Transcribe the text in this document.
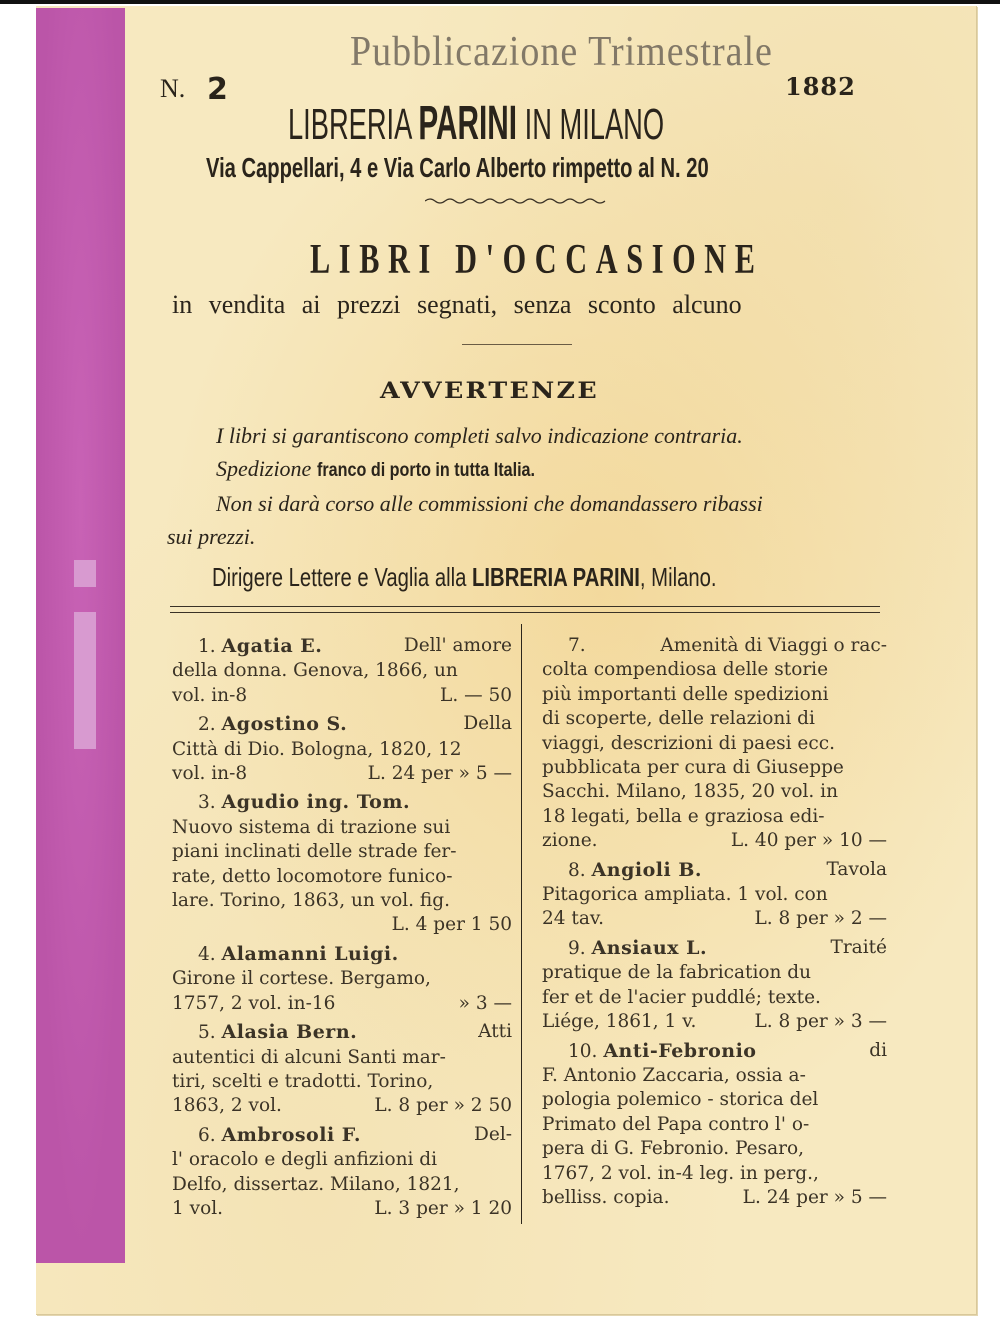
Pubblicazione Trimestrale
N. 2	1882
LIBRERIA PARINI IN MILANO
Via Cappellari, 4 e Via Carlo Alberto rimpetto al N. 20
LIBRI D'OCCASIONE
in vendita ai prezzi segnati, senza sconto alcuno
AVVERTENZE
I libri si garantiscono completi salvo indicazione contraria.
Spedizione franco di porto in tutta Italia.
Non si darà corso alle commissioni che domandassero ribassi
sui prezzi.
Dirigere Lettere e Vaglia alla LIBRERIA PARINI, Milano.
1. Agatia E.	Dell' amore
della donna. Genova, 1866, un
vol. in-8	L. — 50
2. Agostino S.	Della
Città di Dio. Bologna, 1820, 12
vol. in-8	L. 24 per » 5 —
3. Agudio ing. Tom.
Nuovo sistema di trazione sui
piani inclinati delle strade fer-
rate, detto locomotore funico-
lare. Torino, 1863, un vol. fig.
L. 4 per 1 50
4. Alamanni Luigi.
Girone il cortese. Bergamo,
1757, 2 vol. in-16	» 3 —
5. Alasia Bern.	Atti
autentici di alcuni Santi mar-
tiri, scelti e tradotti. Torino,
1863, 2 vol.	L. 8 per » 2 50
6. Ambrosoli F.	Del-
l' oracolo e degli anfizioni di
Delfo, dissertaz. Milano, 1821,
1 vol.	L. 3 per » 1 20
7.	Amenità di Viaggi o rac-
colta compendiosa delle storie
più importanti delle spedizioni
di scoperte, delle relazioni di
viaggi, descrizioni di paesi ecc.
pubblicata per cura di Giuseppe
Sacchi. Milano, 1835, 20 vol. in
18 legati, bella e graziosa edi-
zione.	L. 40 per » 10 —
8. Angioli B.	Tavola
Pitagorica ampliata. 1 vol. con
24 tav.	L. 8 per » 2 —
9. Ansiaux L.	Traité
pratique de la fabrication du
fer et de l'acier puddlé; texte.
Liége, 1861, 1 v.	L. 8 per » 3 —
10. Anti-Febronio	di
F. Antonio Zaccaria, ossia a-
pologia polemico - storica del
Primato del Papa contro l' o-
pera di G. Febronio. Pesaro,
1767, 2 vol. in-4 leg. in perg.,
belliss. copia.	L. 24 per » 5 —
